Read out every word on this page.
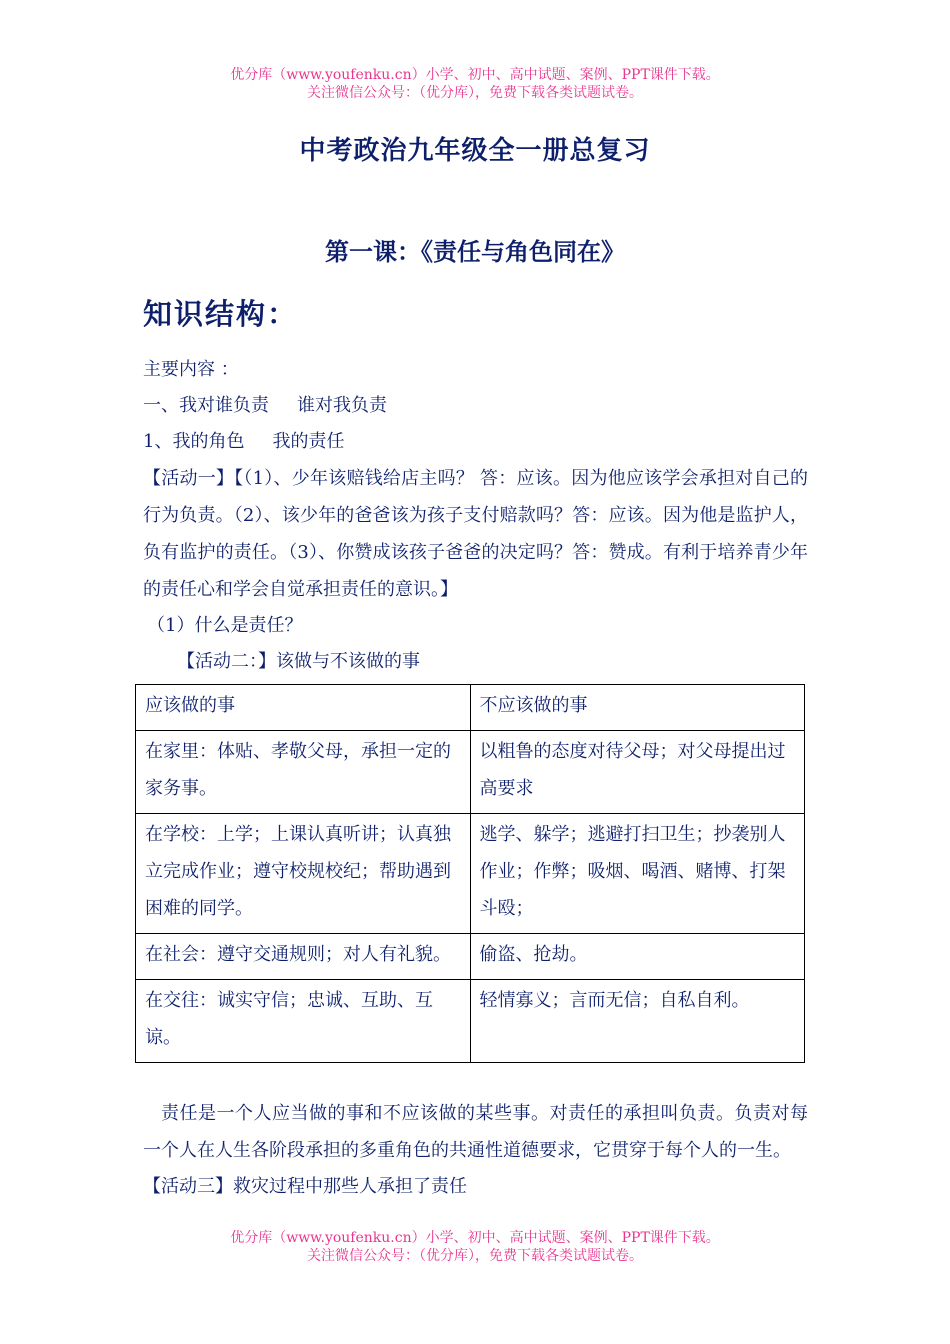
优分库（www.youfenku.cn）小学、初中、高中试题、案例、PPT课件下载。
关注微信公众号：（优分库），免费下载各类试题试卷。
中考政治九年级全一册总复习
第一课：《责任与角色同在》
知识结构：
主要内容 ：
一、我对谁负责 谁对我负责
1、我的角色 我的责任

【活动一】【（1）、少年该赔钱给店主吗？ 答：应该。因为他应该学会承担对自己的行为负责。（2）、该少年的爸爸该为孩子支付赔款吗？答：应该。因为他是监护人，负有监护的责任。（3）、你赞成该孩子爸爸的决定吗？答：赞成。有利于培养青少年的责任心和学会自觉承担责任的意识。】

（1）什么是责任？
【活动二：】该做与不该做的事
应该做的事	不应该做的事
在家里：体贴、孝敬父母，承担一定的家务事。	以粗鲁的态度对待父母；对父母提出过高要求
在学校：上学；上课认真听讲；认真独立完成作业；遵守校规校纪；帮助遇到困难的同学。	逃学、躲学；逃避打扫卫生；抄袭别人作业；作弊；吸烟、喝酒、赌博、打架斗殴；
在社会：遵守交通规则；对人有礼貌。	偷盗、抢劫。
在交往：诚实守信；忠诚、互助、互谅。	轻情寡义；言而无信；自私自利。

责任是一个人应当做的事和不应该做的某些事。对责任的承担叫负责。负责对每一个人在人生各阶段承担的多重角色的共通性道德要求，它贯穿于每个人的一生。

【活动三】救灾过程中那些人承担了责任
优分库（www.youfenku.cn）小学、初中、高中试题、案例、PPT课件下载。
关注微信公众号：（优分库），免费下载各类试题试卷。
